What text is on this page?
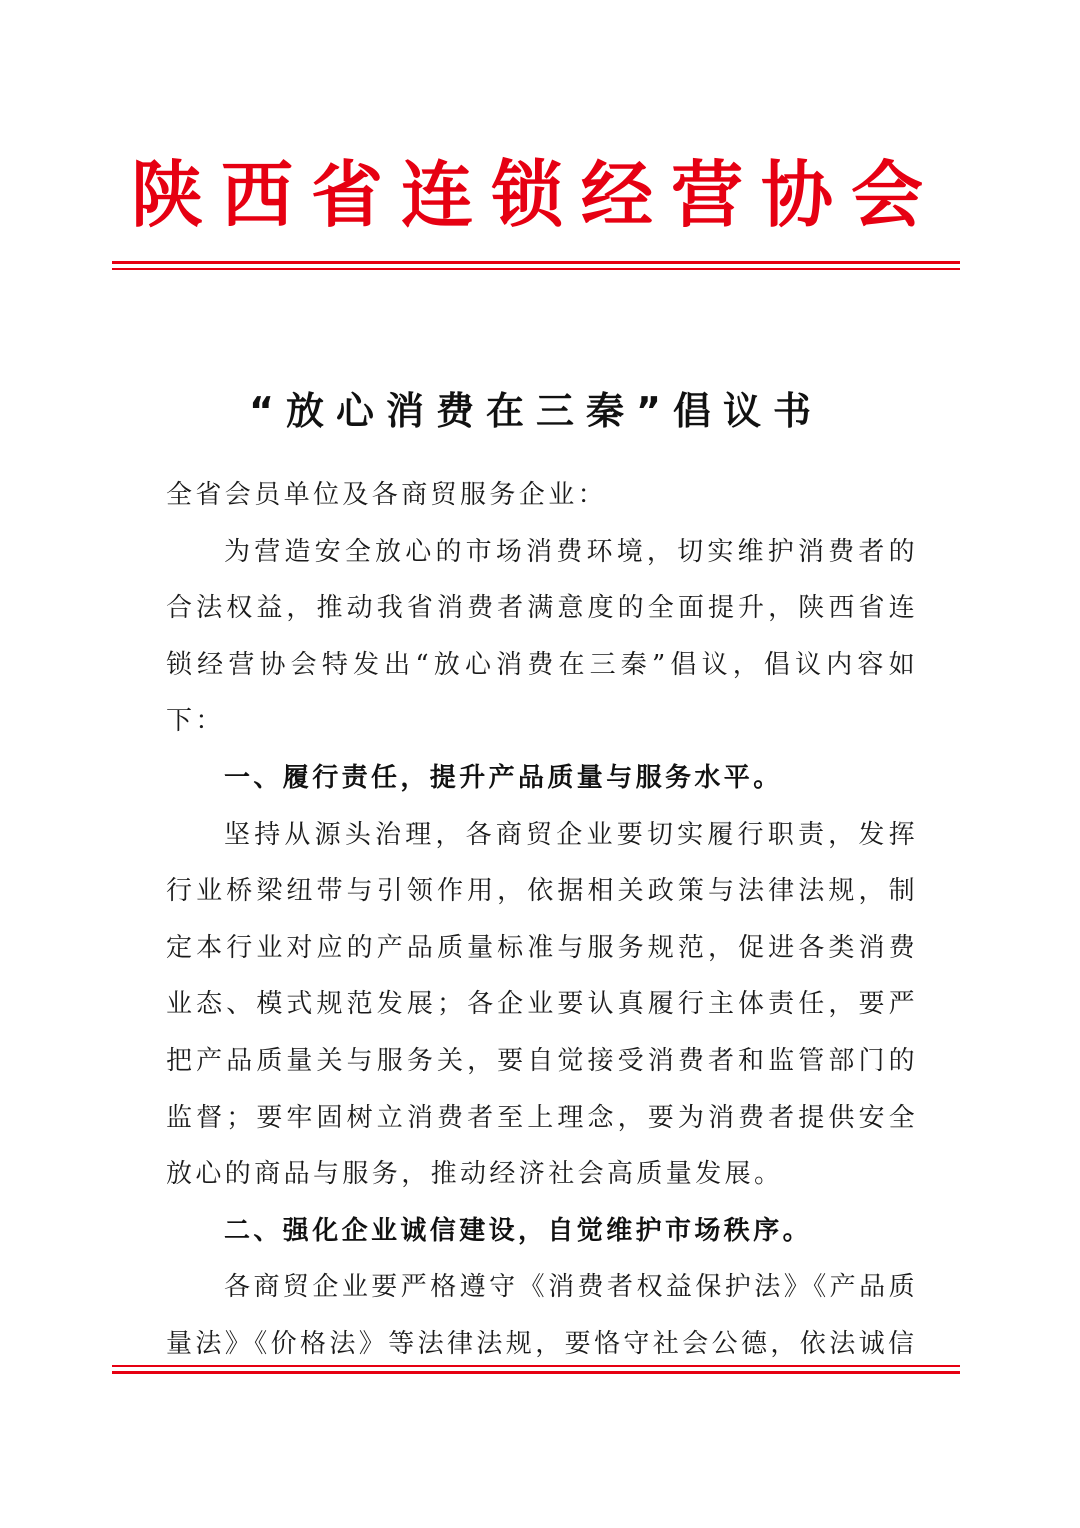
陕西省连锁经营协会
“放心消费在三秦”倡议书

全省会员单位及各商贸服务企业：

为营造安全放心的市场消费环境，切实维护消费者的合法权益，推动我省消费者满意度的全面提升，陕西省连锁经营协会特发出“放心消费在三秦”倡议，倡议内容如下：

一、履行责任，提升产品质量与服务水平。

坚持从源头治理，各商贸企业要切实履行职责，发挥行业桥梁纽带与引领作用，依据相关政策与法律法规，制定本行业对应的产品质量标准与服务规范，促进各类消费业态、模式规范发展；各企业要认真履行主体责任，要严把产品质量关与服务关，要自觉接受消费者和监管部门的监督；要牢固树立消费者至上理念，要为消费者提供安全放心的商品与服务，推动经济社会高质量发展。

二、强化企业诚信建设，自觉维护市场秩序。

各商贸企业要严格遵守《消费者权益保护法》《产品质量法》《价格法》等法律法规，要恪守社会公德，依法诚信
